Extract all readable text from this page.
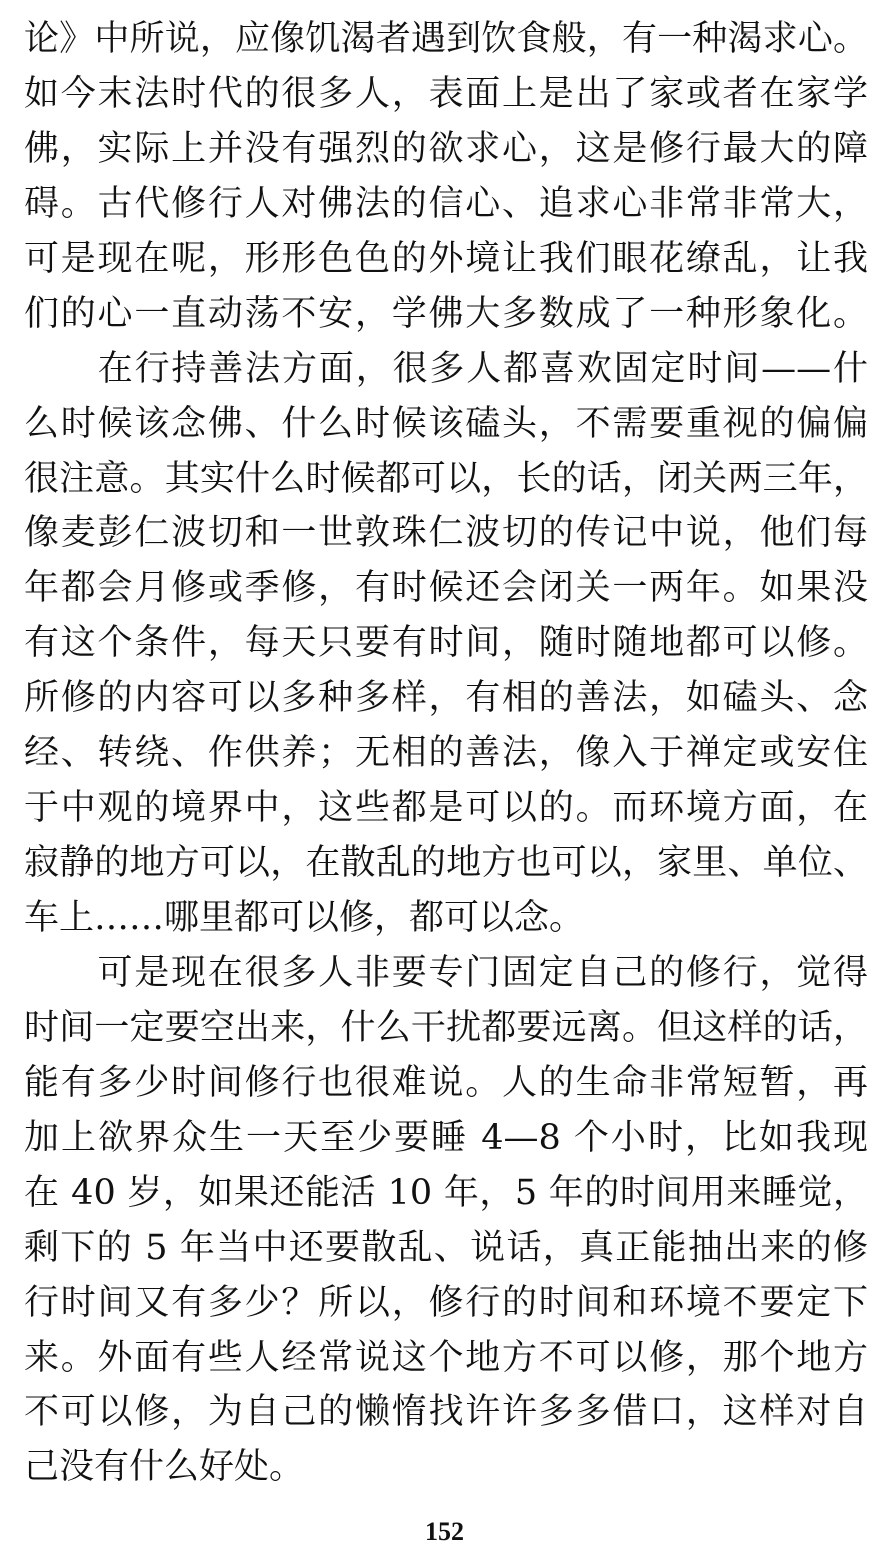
论》中所说，应像饥渴者遇到饮食般，有一种渴求心。
如今末法时代的很多人，表面上是出了家或者在家学
佛，实际上并没有强烈的欲求心，这是修行最大的障
碍。古代修行人对佛法的信心、追求心非常非常大，
可是现在呢，形形色色的外境让我们眼花缭乱，让我
们的心一直动荡不安，学佛大多数成了一种形象化。
　　在行持善法方面，很多人都喜欢固定时间——什
么时候该念佛、什么时候该磕头，不需要重视的偏偏
很注意。其实什么时候都可以，长的话，闭关两三年，
像麦彭仁波切和一世敦珠仁波切的传记中说，他们每
年都会月修或季修，有时候还会闭关一两年。如果没
有这个条件，每天只要有时间，随时随地都可以修。
所修的内容可以多种多样，有相的善法，如磕头、念
经、转绕、作供养；无相的善法，像入于禅定或安住
于中观的境界中，这些都是可以的。而环境方面，在
寂静的地方可以，在散乱的地方也可以，家里、单位、
车上……哪里都可以修，都可以念。
　　可是现在很多人非要专门固定自己的修行，觉得
时间一定要空出来，什么干扰都要远离。但这样的话，
能有多少时间修行也很难说。人的生命非常短暂，再
加上欲界众生一天至少要睡 4—8 个小时，比如我现
在 40 岁，如果还能活 10 年，5 年的时间用来睡觉，
剩下的 5 年当中还要散乱、说话，真正能抽出来的修
行时间又有多少？所以，修行的时间和环境不要定下
来。外面有些人经常说这个地方不可以修，那个地方
不可以修，为自己的懒惰找许许多多借口，这样对自
己没有什么好处。
152
